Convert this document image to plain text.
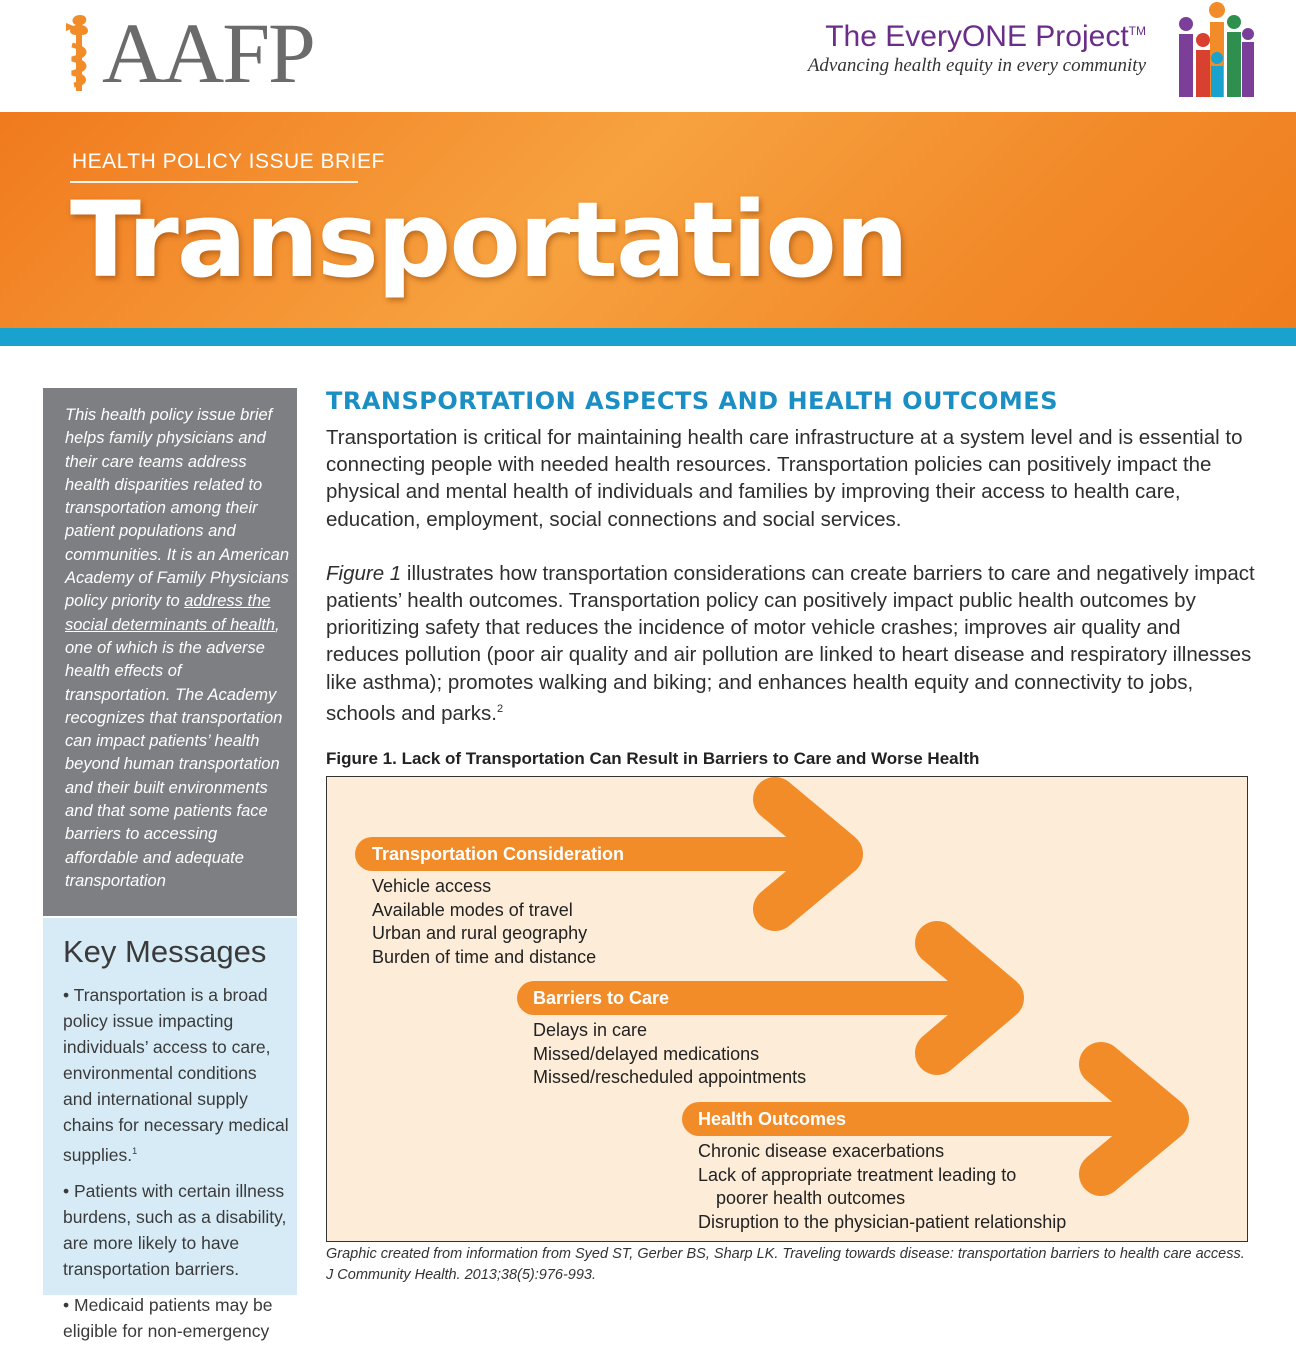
AAFP	The EveryONE Project™
Advancing health equity in every community
HEALTH POLICY ISSUE BRIEF
Transportation
This health policy issue brief helps family physicians and their care teams address health disparities related to transportation among their patient populations and communities. It is an American Academy of Family Physicians policy priority to address the social determinants of health, one of which is the adverse health effects of transportation. The Academy recognizes that transportation can impact patients’ health beyond human transportation and their built environments and that some patients face barriers to accessing affordable and adequate transportation
Key Messages
• Transportation is a broad policy issue impacting individuals’ access to care, environmental conditions and international supply chains for necessary medical supplies.$^1$
• Patients with certain illness burdens, such as a disability, are more likely to have transportation barriers.
• Medicaid patients may be eligible for non-emergency
TRANSPORTATION ASPECTS AND HEALTH OUTCOMES

Transportation is critical for maintaining health care infrastructure at a system level and is essential to connecting people with needed health resources. Transportation policies can positively impact the physical and mental health of individuals and families by improving their access to health care, education, employment, social connections and social services.

Figure 1 illustrates how transportation considerations can create barriers to care and negatively impact patients’ health outcomes. Transportation policy can positively impact public health outcomes by prioritizing safety that reduces the incidence of motor vehicle crashes; improves air quality and reduces pollution (poor air quality and air pollution are linked to heart disease and respiratory illnesses like asthma); promotes walking and biking; and enhances health equity and connectivity to jobs, schools and parks.$^2$

Figure 1. Lack of Transportation Can Result in Barriers to Care and Worse Health
Transportation Consideration
Vehicle access
Available modes of travel
Urban and rural geography
Burden of time and distance
Barriers to Care
Delays in care
Missed/delayed medications
Missed/rescheduled appointments
Health Outcomes
Chronic disease exacerbations
Lack of appropriate treatment leading to
poorer health outcomes
Disruption to the physician-patient relationship
Graphic created from information from Syed ST, Gerber BS, Sharp LK. Traveling towards disease: transportation barriers to health care access. J Community Health. 2013;38(5):976-993.
